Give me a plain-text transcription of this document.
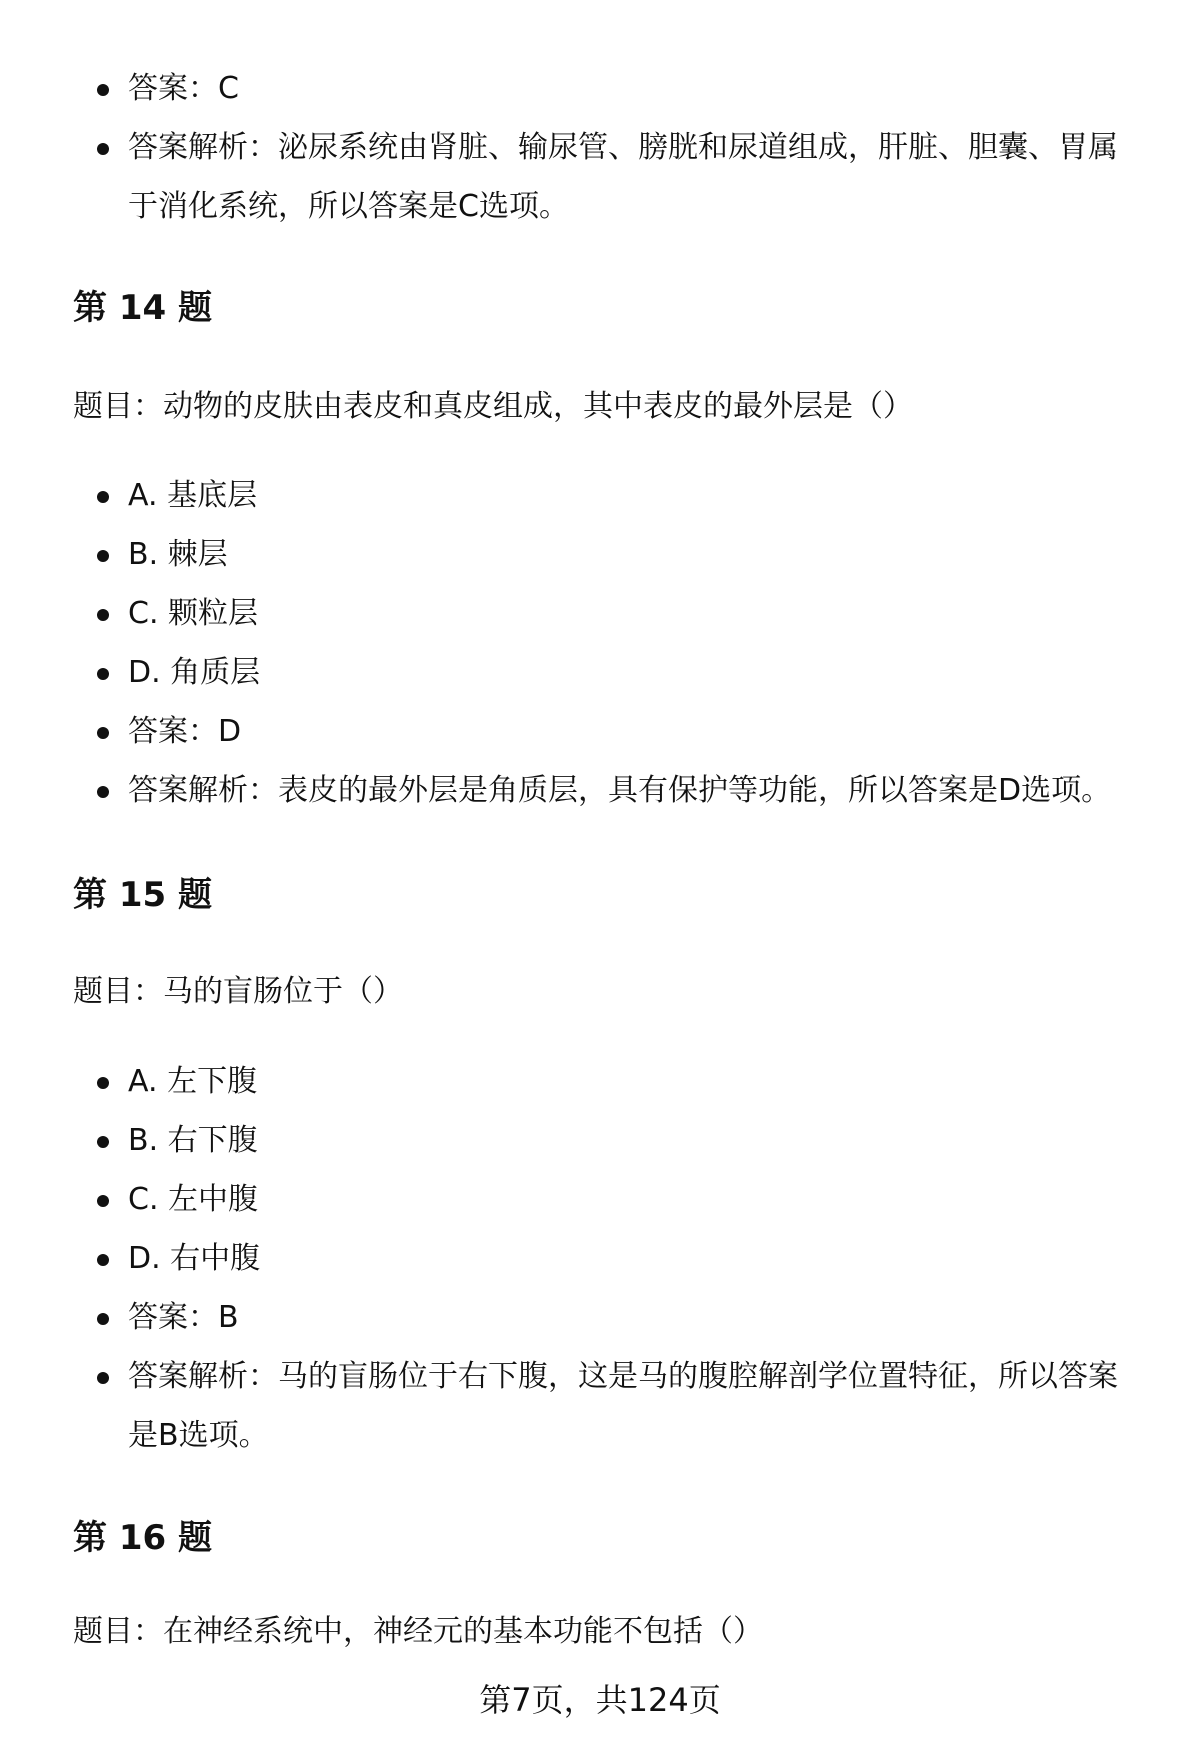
答案：C
答案解析：泌尿系统由肾脏、输尿管、膀胱和尿道组成，肝脏、胆囊、胃属于消化系统，所以答案是C选项。
第 14 题

题目：动物的皮肤由表皮和真皮组成，其中表皮的最外层是（）

A. 基底层
B. 棘层
C. 颗粒层
D. 角质层
答案：D
答案解析：表皮的最外层是角质层，具有保护等功能，所以答案是D选项。
第 15 题

题目：马的盲肠位于（）

A. 左下腹
B. 右下腹
C. 左中腹
D. 右中腹
答案：B
答案解析：马的盲肠位于右下腹，这是马的腹腔解剖学位置特征，所以答案是B选项。
第 16 题

题目：在神经系统中，神经元的基本功能不包括（）

第7页，共124页
